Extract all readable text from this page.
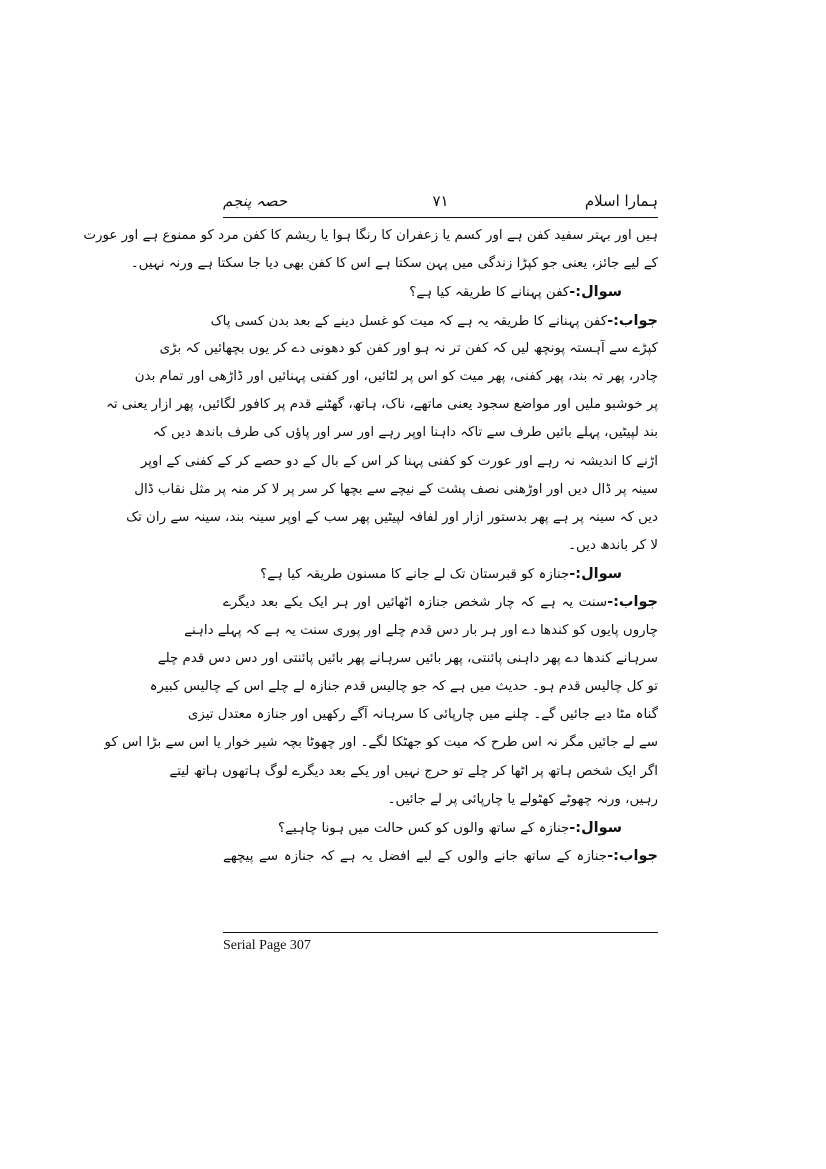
ہمارا اسلام
۷۱
حصہ پنجم
ہیں اور بہتر سفید کفن ہے اور کسم یا زعفران کا رنگا ہوا یا ریشم کا کفن مرد کو ممنوع ہے اور عورت
کے لیے جائز، یعنی جو کپڑا زندگی میں پہن سکتا ہے اس کا کفن بھی دیا جا سکتا ہے ورنہ نہیں۔
سوال:-کفن پہنانے کا طریقہ کیا ہے؟
جواب:-کفن پہنانے کا طریقہ یہ ہے کہ میت کو غسل دینے کے بعد بدن کسی پاک
کپڑے سے آہستہ پونچھ لیں کہ کفن تر نہ ہو اور کفن کو دھونی دے کر یوں بچھائیں کہ بڑی
چادر، پھر تہ بند، پھر کفنی، پھر میت کو اس پر لٹائیں، اور کفنی پہنائیں اور ڈاڑھی اور تمام بدن
پر خوشبو ملیں اور مواضع سجود یعنی ماتھے، ناک، ہاتھ، گھٹنے قدم پر کافور لگائیں، پھر ازار یعنی تہ
بند لپیٹیں، پہلے بائیں طرف سے تاکہ داہنا اوپر رہے اور سر اور پاؤں کی طرف باندھ دیں کہ
اڑنے کا اندیشہ نہ رہے اور عورت کو کفنی پہنا کر اس کے بال کے دو حصے کر کے کفنی کے اوپر
سینہ پر ڈال دیں اور اوڑھنی نصف پشت کے نیچے سے بچھا کر سر پر لا کر منہ پر مثل نقاب ڈال
دیں کہ سینہ پر ہے پھر بدستور ازار اور لفافہ لپیٹیں پھر سب کے اوپر سینہ بند، سینہ سے ران تک
لا کر باندھ دیں۔
سوال:-جنازہ کو قبرستان تک لے جانے کا مسنون طریقہ کیا ہے؟
جواب:-سنت یہ ہے کہ چار شخص جنازہ اٹھائیں اور ہر ایک یکے بعد دیگرے
چاروں پایوں کو کندھا دے اور ہر بار دس قدم چلے اور پوری سنت یہ ہے کہ پہلے داہنے
سرہانے کندھا دے پھر داہنی پائنتی، پھر بائیں سرہانے پھر بائیں پائنتی اور دس دس قدم چلے
تو کل چالیس قدم ہو۔ حدیث میں ہے کہ جو چالیس قدم جنازہ لے چلے اس کے چالیس کبیرہ
گناہ مٹا دیے جائیں گے۔ چلنے میں چارپائی کا سرہانہ آگے رکھیں اور جنازہ معتدل تیزی
سے لے جائیں مگر نہ اس طرح کہ میت کو جھٹکا لگے۔ اور چھوٹا بچہ شیر خوار یا اس سے بڑا اس کو
اگر ایک شخص ہاتھ پر اٹھا کر چلے تو حرج نہیں اور یکے بعد دیگرے لوگ ہاتھوں ہاتھ لیتے
رہیں، ورنہ چھوٹے کھٹولے یا چارپائی پر لے جائیں۔
سوال:-جنازہ کے ساتھ والوں کو کس حالت میں ہونا چاہیے؟
جواب:-جنازہ کے ساتھ جانے والوں کے لیے افضل یہ ہے کہ جنازہ سے پیچھے
Serial Page 307
